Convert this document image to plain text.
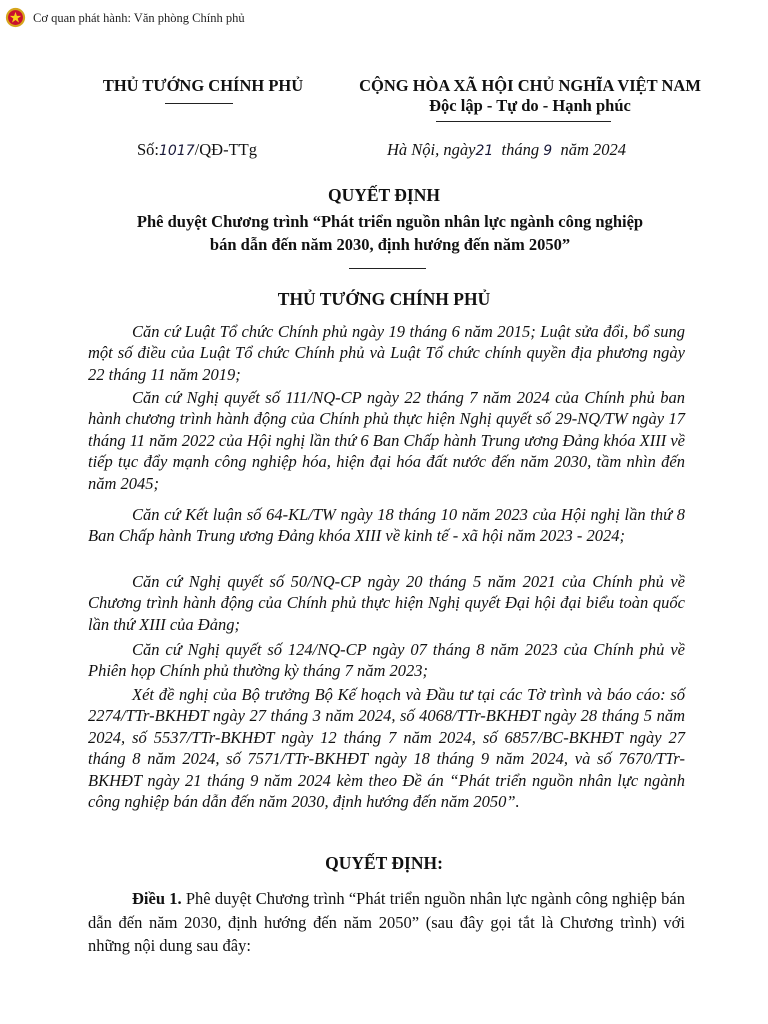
Cơ quan phát hành: Văn phòng Chính phủ
THỦ TƯỚNG CHÍNH PHỦ	CỘNG HÒA XÃ HỘI CHỦ NGHĨA VIỆT NAM
Độc lập - Tự do - Hạnh phúc
Số:1017/QĐ-TTg	Hà Nội, ngày21 tháng 9 năm 2024
QUYẾT ĐỊNH
Phê duyệt Chương trình “Phát triển nguồn nhân lực ngành công nghiệp
bán dẫn đến năm 2030, định hướng đến năm 2050”
THỦ TƯỚNG CHÍNH PHỦ
Căn cứ Luật Tổ chức Chính phủ ngày 19 tháng 6 năm 2015; Luật sửa đổi, bổ sung một số điều của Luật Tổ chức Chính phủ và Luật Tổ chức chính quyền địa phương ngày 22 tháng 11 năm 2019;
Căn cứ Nghị quyết số 111/NQ-CP ngày 22 tháng 7 năm 2024 của Chính phủ ban hành chương trình hành động của Chính phủ thực hiện Nghị quyết số 29-NQ/TW ngày 17 tháng 11 năm 2022 của Hội nghị lần thứ 6 Ban Chấp hành Trung ương Đảng khóa XIII về tiếp tục đẩy mạnh công nghiệp hóa, hiện đại hóa đất nước đến năm 2030, tầm nhìn đến năm 2045;
Căn cứ Kết luận số 64-KL/TW ngày 18 tháng 10 năm 2023 của Hội nghị lần thứ 8 Ban Chấp hành Trung ương Đảng khóa XIII về kinh tế - xã hội năm 2023 - 2024;
Căn cứ Nghị quyết số 50/NQ-CP ngày 20 tháng 5 năm 2021 của Chính phủ về Chương trình hành động của Chính phủ thực hiện Nghị quyết Đại hội đại biểu toàn quốc lần thứ XIII của Đảng;
Căn cứ Nghị quyết số 124/NQ-CP ngày 07 tháng 8 năm 2023 của Chính phủ về Phiên họp Chính phủ thường kỳ tháng 7 năm 2023;
Xét đề nghị của Bộ trưởng Bộ Kế hoạch và Đầu tư tại các Tờ trình và báo cáo: số 2274/TTr-BKHĐT ngày 27 tháng 3 năm 2024, số 4068/TTr-BKHĐT ngày 28 tháng 5 năm 2024, số 5537/TTr-BKHĐT ngày 12 tháng 7 năm 2024, số 6857/BC-BKHĐT ngày 27 tháng 8 năm 2024, số 7571/TTr-BKHĐT ngày 18 tháng 9 năm 2024, và số 7670/TTr-BKHĐT ngày 21 tháng 9 năm 2024 kèm theo Đề án “Phát triển nguồn nhân lực ngành công nghiệp bán dẫn đến năm 2030, định hướng đến năm 2050”.
QUYẾT ĐỊNH:
Điều 1. Phê duyệt Chương trình “Phát triển nguồn nhân lực ngành công nghiệp bán dẫn đến năm 2030, định hướng đến năm 2050” (sau đây gọi tắt là Chương trình) với những nội dung sau đây:
